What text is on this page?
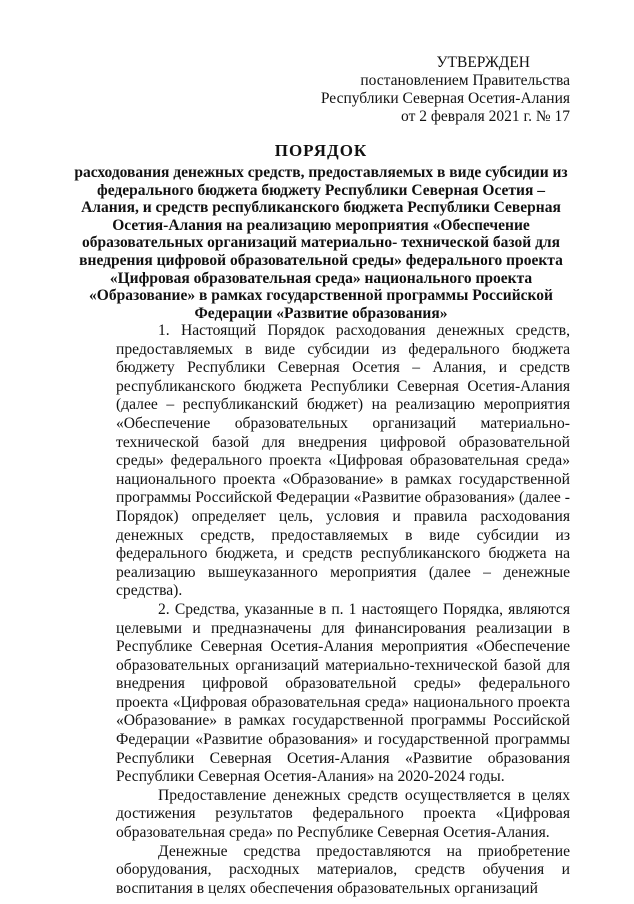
УТВЕРЖДЕН
постановлением Правительства
Республики Северная Осетия-Алания
от 2 февраля 2021 г. № 17
ПОРЯДОК
расходования денежных средств, предоставляемых в виде субсидии из федерального бюджета бюджету Республики Северная Осетия – Алания, и средств республиканского бюджета Республики Северная Осетия-Алания на реализацию мероприятия «Обеспечение образовательных организаций материально- технической базой для внедрения цифровой образовательной среды» федерального проекта «Цифровая образовательная среда» национального проекта «Образование» в рамках государственной программы Российской Федерации «Развитие образования»

1. Настоящий Порядок расходования денежных средств, предоставляемых в виде субсидии из федерального бюджета бюджету Республики Северная Осетия – Алания, и средств республиканского бюджета Республики Северная Осетия-Алания (далее – республиканский бюджет) на реализацию мероприятия «Обеспечение образовательных организаций материально-технической базой для внедрения цифровой образовательной среды» федерального проекта «Цифровая образовательная среда» национального проекта «Образование» в рамках государственной программы Российской Федерации «Развитие образования» (далее - Порядок) определяет цель, условия и правила расходования денежных средств, предоставляемых в виде субсидии из федерального бюджета, и средств республиканского бюджета на реализацию вышеуказанного мероприятия (далее – денежные средства).

2. Средства, указанные в п. 1 настоящего Порядка, являются целевыми и предназначены для финансирования реализации в Республике Северная Осетия-Алания мероприятия «Обеспечение образовательных организаций материально-технической базой для внедрения цифровой образовательной среды» федерального проекта «Цифровая образовательная среда» национального проекта «Образование» в рамках государственной программы Российской Федерации «Развитие образования» и государственной программы Республики Северная Осетия-Алания «Развитие образования Республики Северная Осетия-Алания» на 2020-2024 годы.

Предоставление денежных средств осуществляется в целях достижения результатов федерального проекта «Цифровая образовательная среда» по Республике Северная Осетия-Алания.

Денежные средства предоставляются на приобретение оборудования, расходных материалов, средств обучения и воспитания в целях обеспечения образовательных организаций
